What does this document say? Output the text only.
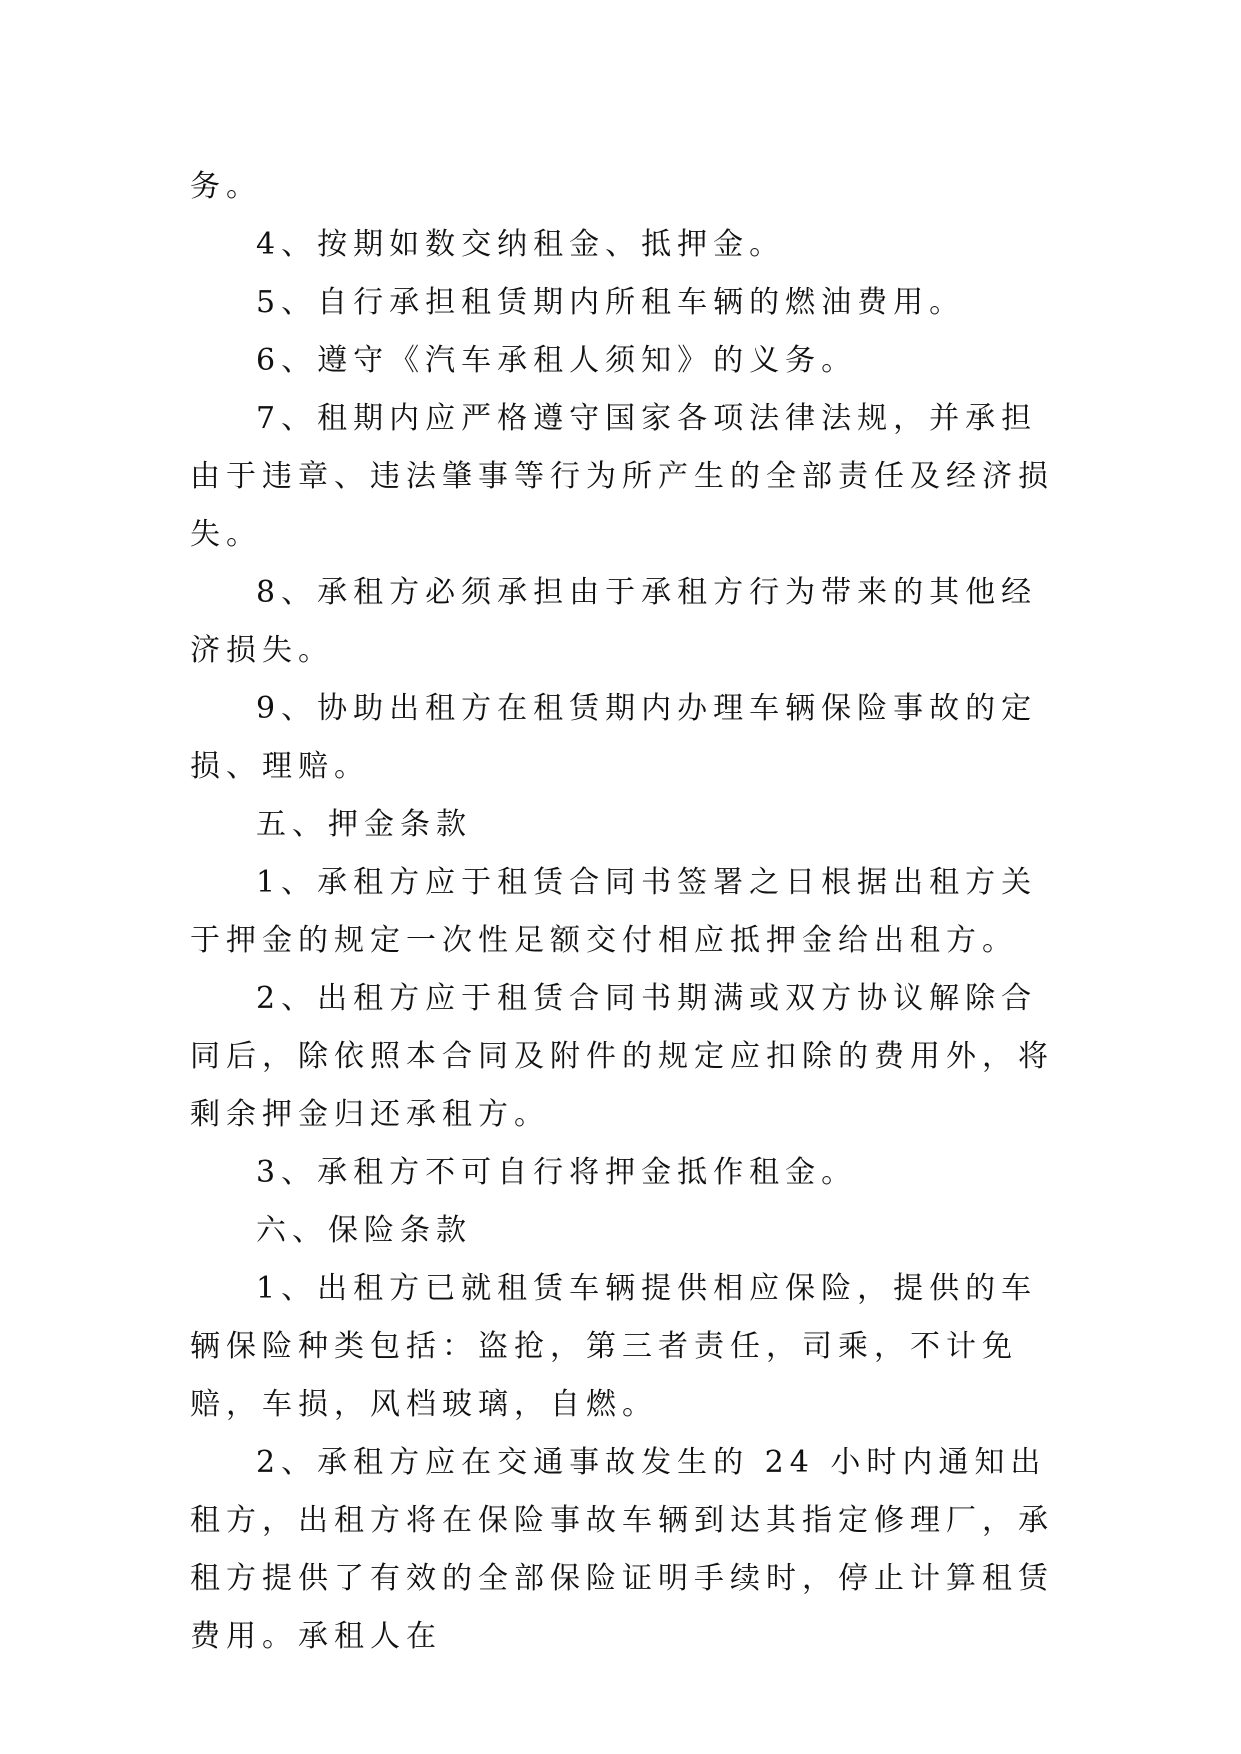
务。

4、按期如数交纳租金、抵押金。

5、自行承担租赁期内所租车辆的燃油费用。

6、遵守《汽车承租人须知》的义务。

7、租期内应严格遵守国家各项法律法规，并承担由于违章、违法肇事等行为所产生的全部责任及经济损失。

8、承租方必须承担由于承租方行为带来的其他经济损失。

9、协助出租方在租赁期内办理车辆保险事故的定损、理赔。

五、押金条款

1、承租方应于租赁合同书签署之日根据出租方关于押金的规定一次性足额交付相应抵押金给出租方。

2、出租方应于租赁合同书期满或双方协议解除合同后，除依照本合同及附件的规定应扣除的费用外，将剩余押金归还承租方。

3、承租方不可自行将押金抵作租金。

六、保险条款

1、出租方已就租赁车辆提供相应保险，提供的车辆保险种类包括：盗抢，第三者责任，司乘，不计免赔，车损，风档玻璃，自燃。

2、承租方应在交通事故发生的 24 小时内通知出租方，出租方将在保险事故车辆到达其指定修理厂，承租方提供了有效的全部保险证明手续时，停止计算租赁费用。承租人在
